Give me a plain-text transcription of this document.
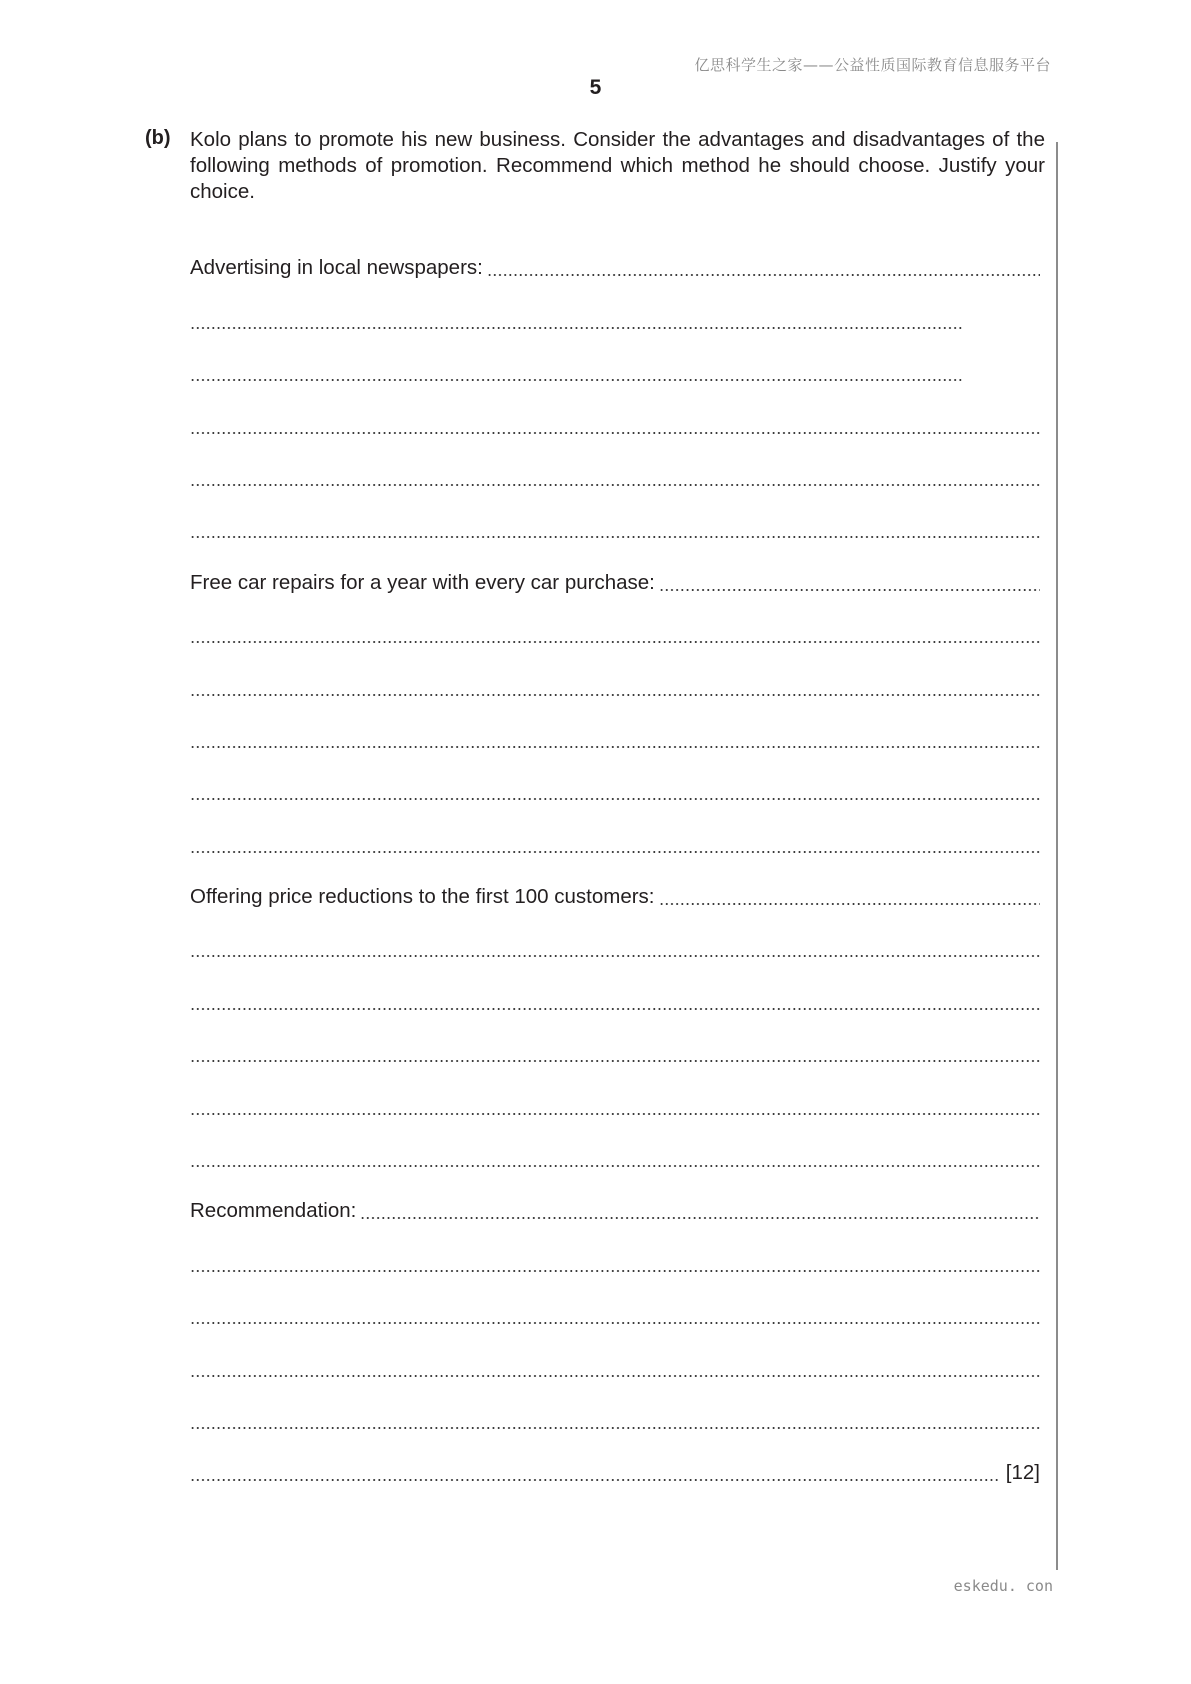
亿思科学生之家——公益性质国际教育信息服务平台
5
(b) Kolo plans to promote his new business. Consider the advantages and disadvantages of the following methods of promotion. Recommend which method he should choose. Justify your choice.
Advertising in local newspapers:
Free car repairs for a year with every car purchase:
Offering price reductions to the first 100 customers:
Recommendation:
[12]
eskedu. con
